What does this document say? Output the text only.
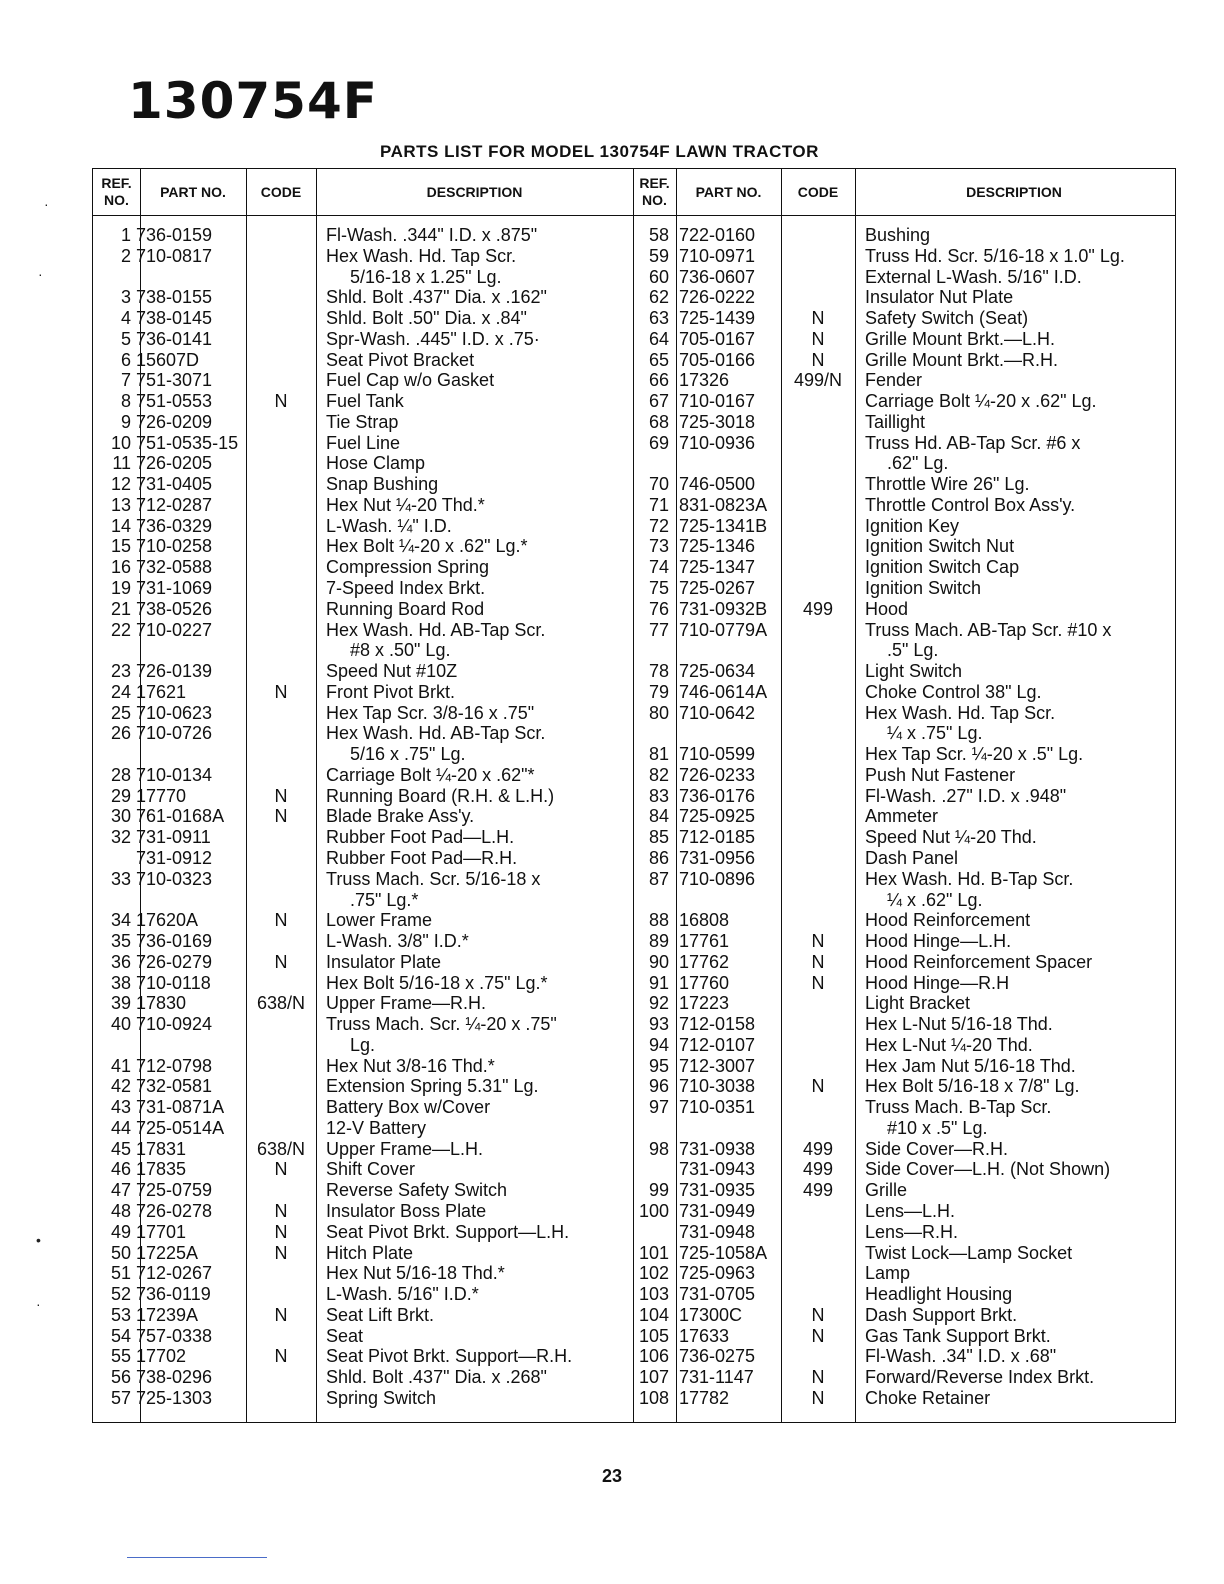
130754F
PARTS LIST FOR MODEL 130754F LAWN TRACTOR
REF. NO.
PART NO.	CODE	DESCRIPTION
REF. NO.
PART NO.	CODE	DESCRIPTION
1 736-0159	Fl-Wash. .344" I.D. x .875"
2 710-0817	Hex Wash. Hd. Tap Scr.
5/16-18 x 1.25" Lg.
3 738-0155	Shld. Bolt .437" Dia. x .162"
4 738-0145	Shld. Bolt .50" Dia. x .84"
5 736-0141	Spr-Wash. .445" I.D. x .75·
6 15607D	Seat Pivot Bracket
7 751-3071	Fuel Cap w/o Gasket
8 751-0553	N	Fuel Tank
9 726-0209	Tie Strap
10 751-0535-15	Fuel Line
11 726-0205	Hose Clamp
12 731-0405	Snap Bushing
13 712-0287	Hex Nut ¼-20 Thd.*
14 736-0329	L-Wash. ¼" I.D.
15 710-0258	Hex Bolt ¼-20 x .62" Lg.*
16 732-0588	Compression Spring
19 731-1069	7-Speed Index Brkt.
21 738-0526	Running Board Rod
22 710-0227	Hex Wash. Hd. AB-Tap Scr.
#8 x .50" Lg.
23 726-0139	Speed Nut #10Z
24 17621	N	Front Pivot Brkt.
25 710-0623	Hex Tap Scr. 3/8-16 x .75"
26 710-0726	Hex Wash. Hd. AB-Tap Scr.
5/16 x .75" Lg.
28 710-0134	Carriage Bolt ¼-20 x .62"*
29 17770	N	Running Board (R.H. & L.H.)
30 761-0168A	N	Blade Brake Ass'y.
32 731-0911	Rubber Foot Pad—L.H.
731-0912	Rubber Foot Pad—R.H.
33 710-0323	Truss Mach. Scr. 5/16-18 x
.75" Lg.*
34 17620A	N	Lower Frame
35 736-0169	L-Wash. 3/8" I.D.*
36 726-0279	N	Insulator Plate
38 710-0118	Hex Bolt 5/16-18 x .75" Lg.*
39 17830	638/N	Upper Frame—R.H.
40 710-0924	Truss Mach. Scr. ¼-20 x .75"
Lg.
41 712-0798	Hex Nut 3/8-16 Thd.*
42 732-0581	Extension Spring 5.31" Lg.
43 731-0871A	Battery Box w/Cover
44 725-0514A	12-V Battery
45 17831	638/N	Upper Frame—L.H.
46 17835	N	Shift Cover
47 725-0759	Reverse Safety Switch
48 726-0278	N	Insulator Boss Plate
49 17701	N	Seat Pivot Brkt. Support—L.H.
50 17225A	N	Hitch Plate
51 712-0267	Hex Nut 5/16-18 Thd.*
52 736-0119	L-Wash. 5/16" I.D.*
53 17239A	N	Seat Lift Brkt.
54 757-0338	Seat
55 17702	N	Seat Pivot Brkt. Support—R.H.
56 738-0296	Shld. Bolt .437" Dia. x .268"
57 725-1303	Spring Switch
58 722-0160	Bushing
59 710-0971	Truss Hd. Scr. 5/16-18 x 1.0" Lg.
60 736-0607	External L-Wash. 5/16" I.D.
62 726-0222	Insulator Nut Plate
63 725-1439	N	Safety Switch (Seat)
64 705-0167	N	Grille Mount Brkt.—L.H.
65 705-0166	N	Grille Mount Brkt.—R.H.
66 17326	499/N	Fender
67 710-0167	Carriage Bolt ¼-20 x .62" Lg.
68 725-3018	Taillight
69 710-0936	Truss Hd. AB-Tap Scr. #6 x
.62" Lg.
70 746-0500	Throttle Wire 26" Lg.
71 831-0823A	Throttle Control Box Ass'y.
72 725-1341B	Ignition Key
73 725-1346	Ignition Switch Nut
74 725-1347	Ignition Switch Cap
75 725-0267	Ignition Switch
76 731-0932B	499	Hood
77 710-0779A	Truss Mach. AB-Tap Scr. #10 x
.5" Lg.
78 725-0634	Light Switch
79 746-0614A	Choke Control 38" Lg.
80 710-0642	Hex Wash. Hd. Tap Scr.
¼ x .75" Lg.
81 710-0599	Hex Tap Scr. ¼-20 x .5" Lg.
82 726-0233	Push Nut Fastener
83 736-0176	Fl-Wash. .27" I.D. x .948"
84 725-0925	Ammeter
85 712-0185	Speed Nut ¼-20 Thd.
86 731-0956	Dash Panel
87 710-0896	Hex Wash. Hd. B-Tap Scr.
¼ x .62" Lg.
88 16808	Hood Reinforcement
89 17761	N	Hood Hinge—L.H.
90 17762	N	Hood Reinforcement Spacer
91 17760	N	Hood Hinge—R.H
92 17223	Light Bracket
93 712-0158	Hex L-Nut 5/16-18 Thd.
94 712-0107	Hex L-Nut ¼-20 Thd.
95 712-3007	Hex Jam Nut 5/16-18 Thd.
96 710-3038	N	Hex Bolt 5/16-18 x 7/8" Lg.
97 710-0351	Truss Mach. B-Tap Scr.
#10 x .5" Lg.
98 731-0938	499	Side Cover—R.H.
731-0943	499	Side Cover—L.H. (Not Shown)
99 731-0935	499	Grille
100 731-0949	Lens—L.H.
731-0948	Lens—R.H.
101 725-1058A	Twist Lock—Lamp Socket
102 725-0963	Lamp
103 731-0705	Headlight Housing
104 17300C	N	Dash Support Brkt.
105 17633	N	Gas Tank Support Brkt.
106 736-0275	Fl-Wash. .34" I.D. x .68"
107 731-1147	N	Forward/Reverse Index Brkt.
108 17782	N	Choke Retainer
23
·
·
•
·
